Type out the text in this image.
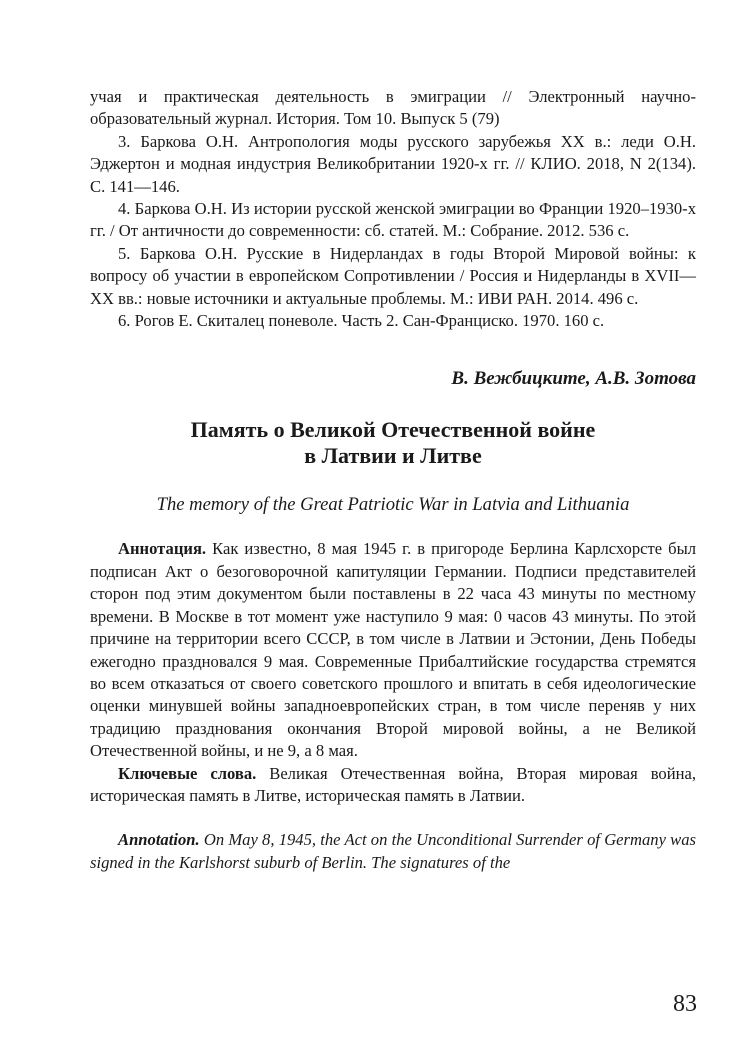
учая и практическая деятельность в эмиграции // Электронный научно- образовательный журнал. История. Том 10. Выпуск 5 (79)

3. Баркова О.Н. Антропология моды русского зарубежья XX в.: леди О.Н. Эджертон и модная индустрия Великобритании 1920-х гг. // КЛИО. 2018, N 2(134). С. 141—146.

4. Баркова О.Н. Из истории русской женской эмиграции во Франции 1920–1930-х гг. / От античности до современности: сб. статей. М.: Собрание. 2012. 536 с.

5. Баркова О.Н. Русские в Нидерландах в годы Второй Мировой войны: к вопросу об участии в европейском Сопротивлении / Россия и Нидерланды в XVII—XX вв.: новые источники и актуальные проблемы. М.: ИВИ РАН. 2014. 496 с.

6. Рогов Е. Скиталец поневоле. Часть 2. Сан-Франциско. 1970. 160 с.

В. Вежбицките, А.В. Зотова
Память о Великой Отечественной войне
в Латвии и Литве
The memory of the Great Patriotic War in Latvia and Lithuania

Аннотация. Как известно, 8 мая 1945 г. в пригороде Берлина Карлсхорсте был подписан Акт о безоговорочной капитуляции Германии. Подписи представителей сторон под этим документом были поставлены в 22 часа 43 минуты по местному времени. В Москве в тот момент уже наступило 9 мая: 0 часов 43 минуты. По этой причине на территории всего СССР, в том числе в Латвии и Эстонии, День Победы ежегодно праздновался 9 мая. Современные Прибалтийские государства стремятся во всем отказаться от своего советского прошлого и впитать в себя идеологические оценки минувшей войны западноевропейских стран, в том числе переняв у них традицию празднования окончания Второй мировой войны, а не Великой Отечественной войны, и не 9, а 8 мая.

Ключевые слова. Великая Отечественная война, Вторая мировая война, историческая память в Литве, историческая память в Латвии.

Annotation. On May 8, 1945, the Act on the Unconditional Surrender of Germany was signed in the Karlshorst suburb of Berlin. The signatures of the

83
